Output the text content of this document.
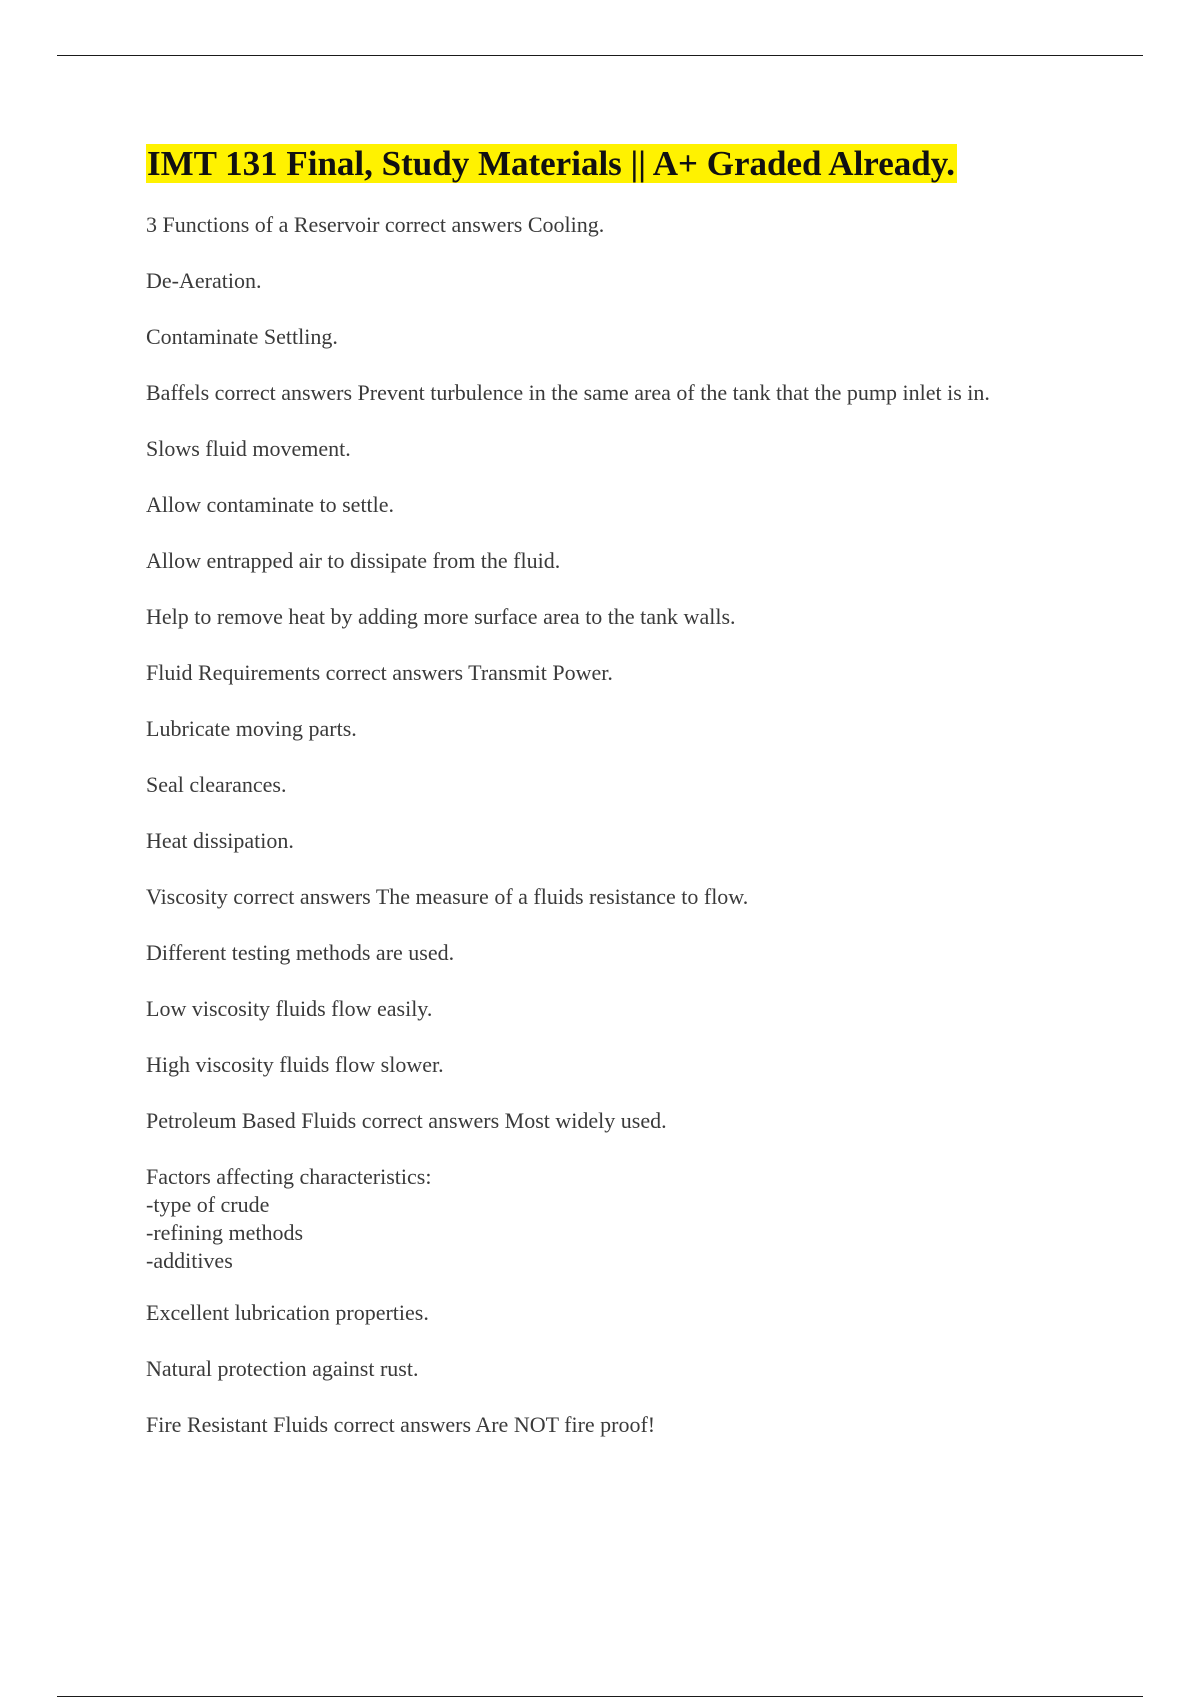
IMT 131 Final, Study Materials || A+ Graded Already.

3 Functions of a Reservoir correct answers Cooling.

De-Aeration.

Contaminate Settling.

Baffels correct answers Prevent turbulence in the same area of the tank that the pump inlet is in.

Slows fluid movement.

Allow contaminate to settle.

Allow entrapped air to dissipate from the fluid.

Help to remove heat by adding more surface area to the tank walls.

Fluid Requirements correct answers Transmit Power.

Lubricate moving parts.

Seal clearances.

Heat dissipation.

Viscosity correct answers The measure of a fluids resistance to flow.

Different testing methods are used.

Low viscosity fluids flow easily.

High viscosity fluids flow slower.

Petroleum Based Fluids correct answers Most widely used.

Factors affecting characteristics:
-type of crude
-refining methods
-additives

Excellent lubrication properties.

Natural protection against rust.

Fire Resistant Fluids correct answers Are NOT fire proof!
